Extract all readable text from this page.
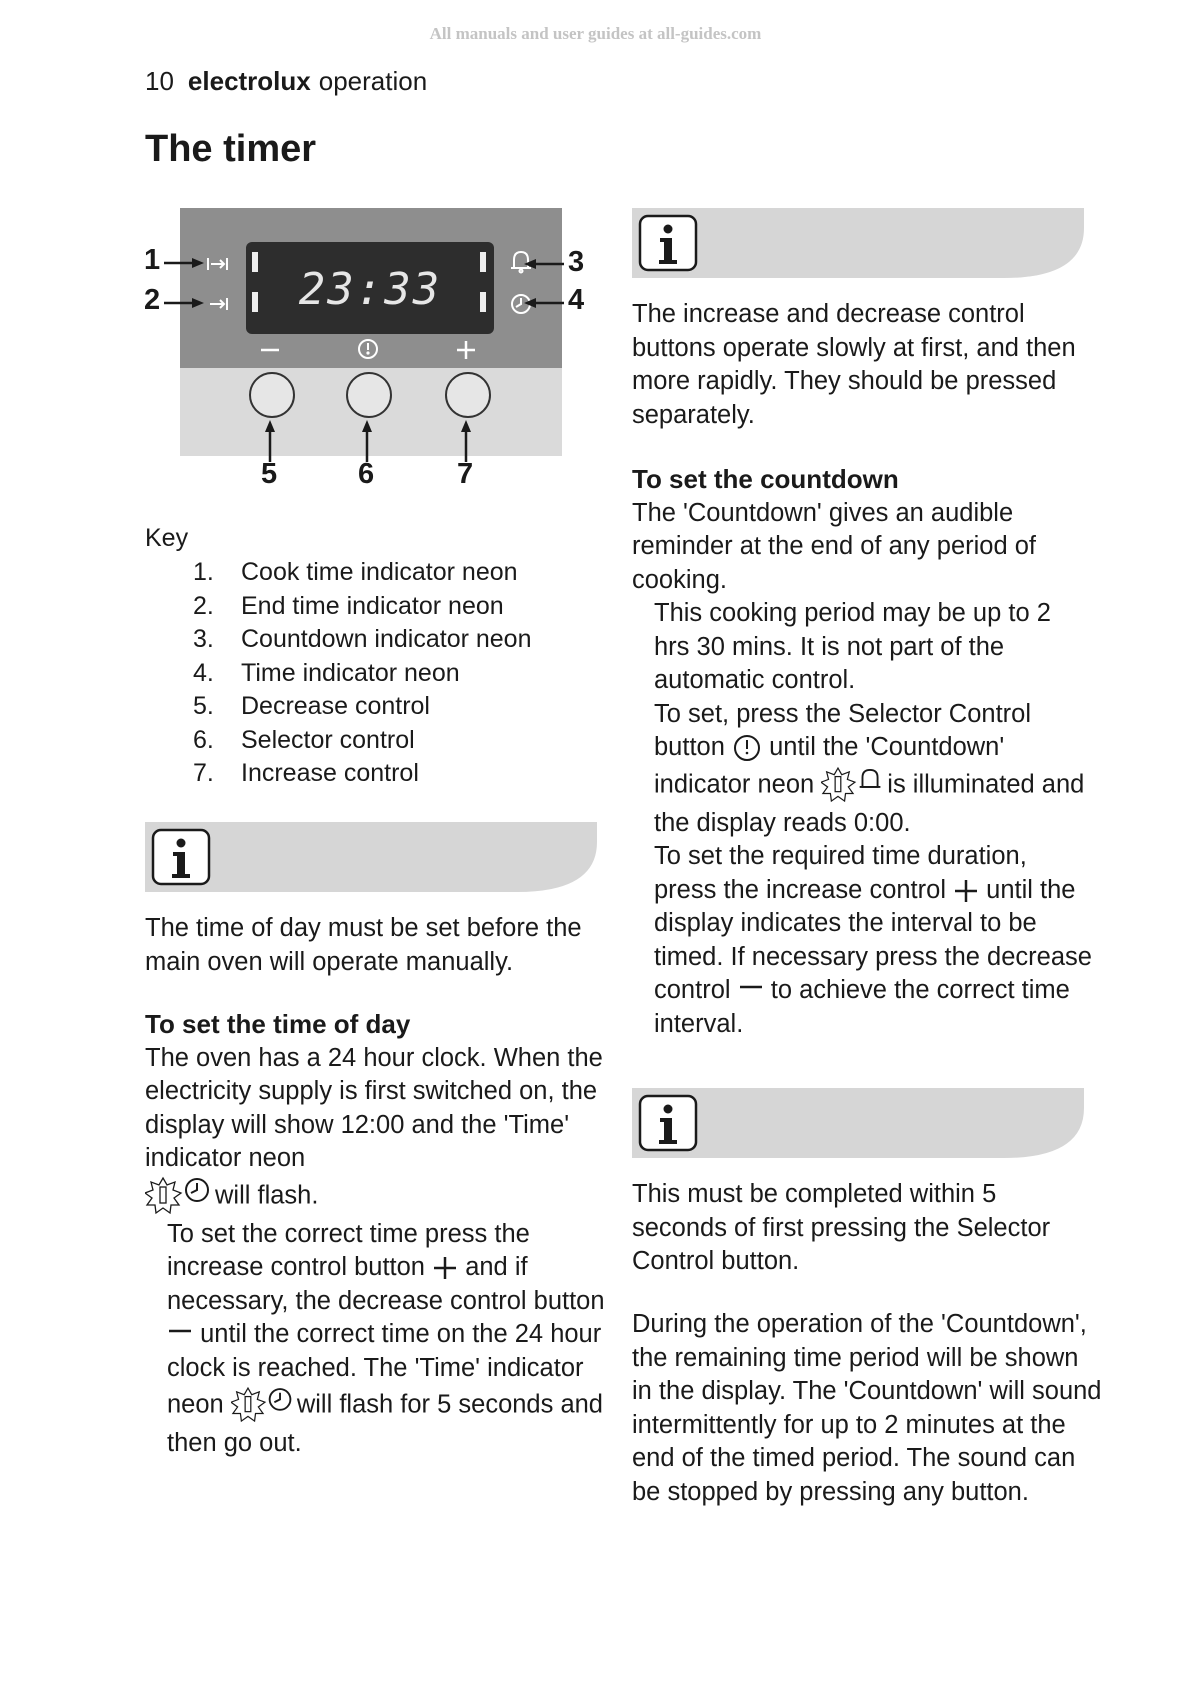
All manuals and user guides at all-guides.com
10 electrolux operation
The timer
23:33
1
2
3
4
5	6	7
Key
1.	Cook time indicator neon
2.	End time indicator neon
3.	Countdown indicator neon
4.	Time indicator neon
5.	Decrease control
6.	Selector control
7.	Increase control
The time of day must be set before the main oven will operate manually.

To set the time of day

The oven has a 24 hour clock. When the electricity supply is first switched on, the display will show 12:00 and the 'Time' indicator neon
will flash.

To set the correct time press the increase control button and if necessary, the decrease control button  until the correct time on the 24 hour clock is reached. The 'Time' indicator neon	will flash for 5 seconds and then go out.

The increase and decrease control buttons operate slowly at first, and then more rapidly. They should be pressed separately.

To set the countdown

The 'Countdown' gives an audible reminder at the end of any period of cooking.

This cooking period may be up to 2 hrs 30 mins. It is not part of the automatic control.

To set, press the Selector Control button until the 'Countdown' indicator neon	is illuminated and the display reads 0:00.

To set the required time duration, press the increase control until the display indicates the interval to be timed. If necessary press the decrease control to achieve the correct time interval.

This must be completed within 5 seconds of first pressing the Selector Control button.
During the operation of the 'Countdown', the remaining time period will be shown in the display. The 'Countdown' will sound intermittently for up to 2 minutes at the end of the timed period. The sound can be stopped by pressing any button.
